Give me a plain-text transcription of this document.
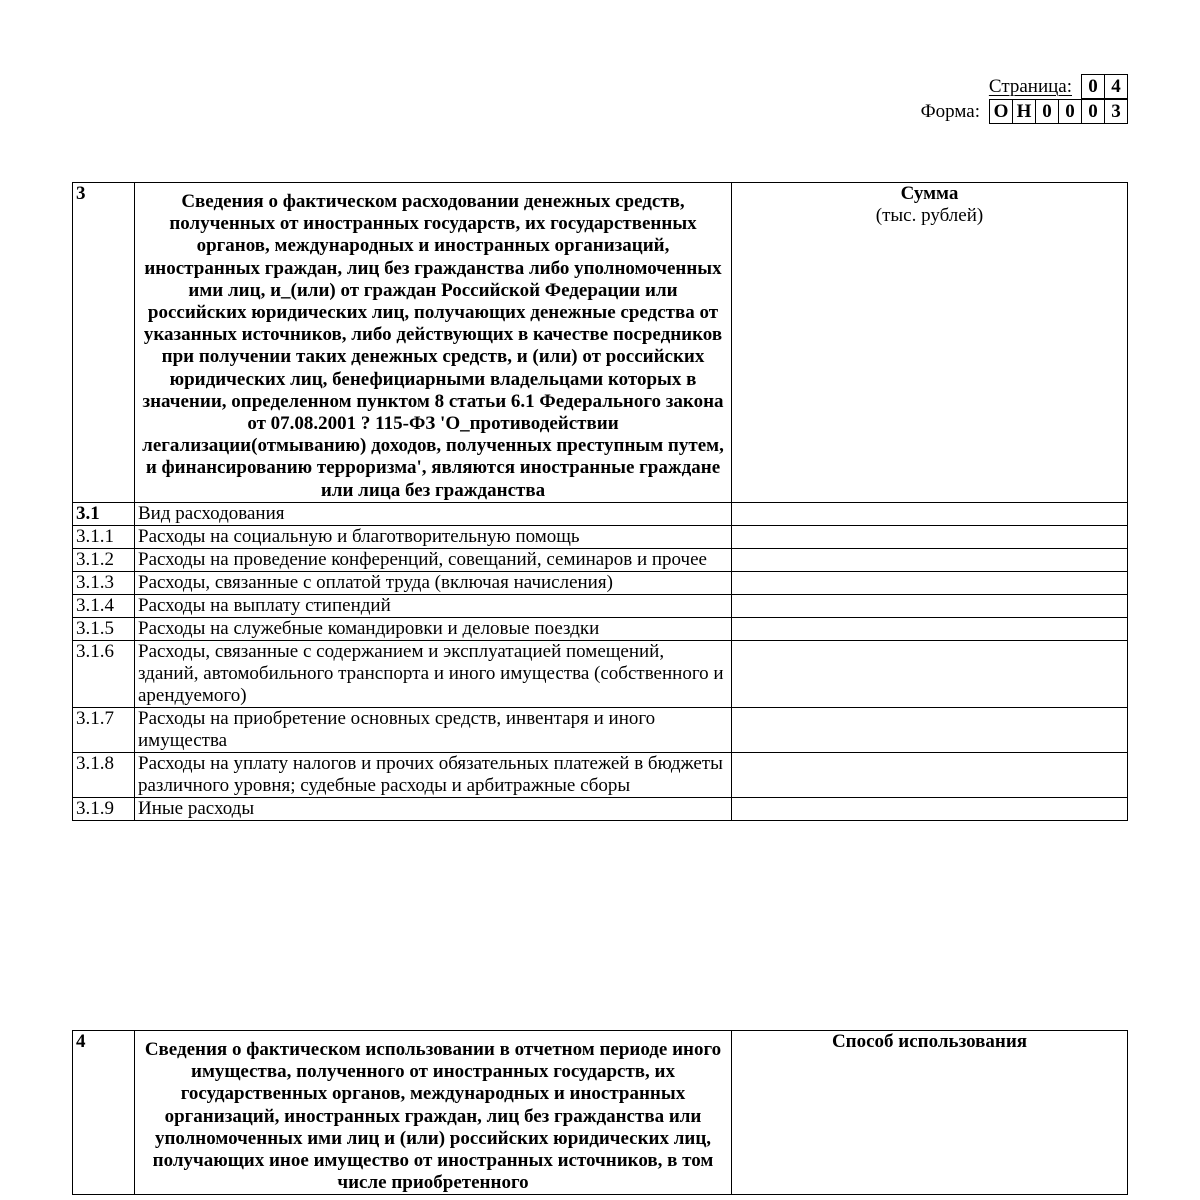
Страница: 0 4
Форма: О Н 0 0 0 3
3	Сведения о фактическом расходовании денежных средств, полученных от иностранных государств, их государственных органов, международных и иностранных организаций, иностранных граждан, лиц без гражданства либо уполномоченных ими лиц, и_(или) от граждан Российской Федерации или российских юридических лиц, получающих денежные средства от указанных источников, либо действующих в качестве посредников при получении таких денежных средств, и (или) от российских юридических лиц, бенефициарными владельцами которых в значении, определенном пунктом 8 статьи 6.1 Федерального закона от 07.08.2001 ? 115-ФЗ 'О_противодействии легализации(отмыванию) доходов, полученных преступным путем, и финансированию терроризма', являются иностранные граждане или лица без гражданства	Сумма
(тыс. рублей)
3.1	Вид расходования	
3.1.1	Расходы на социальную и благотворительную помощь	
3.1.2	Расходы на проведение конференций, совещаний, семинаров и прочее	
3.1.3	Расходы, связанные с оплатой труда (включая начисления)	
3.1.4	Расходы на выплату стипендий	
3.1.5	Расходы на служебные командировки и деловые поездки	
3.1.6	Расходы, связанные с содержанием и эксплуатацией помещений, зданий, автомобильного транспорта и иного имущества (собственного и арендуемого)	
3.1.7	Расходы на приобретение основных средств, инвентаря и иного
имущества	
3.1.8	Расходы на уплату налогов и прочих обязательных платежей в бюджеты различного уровня; судебные расходы и арбитражные сборы	
3.1.9	Иные расходы	
4	Сведения о фактическом использовании в отчетном периоде иного имущества, полученного от иностранных государств, их государственных органов, международных и иностранных организаций, иностранных граждан, лиц без гражданства или уполномоченных ими лиц и (или) российских юридических лиц, получающих иное имущество от иностранных источников, в том числе приобретенного	
Способ использования
